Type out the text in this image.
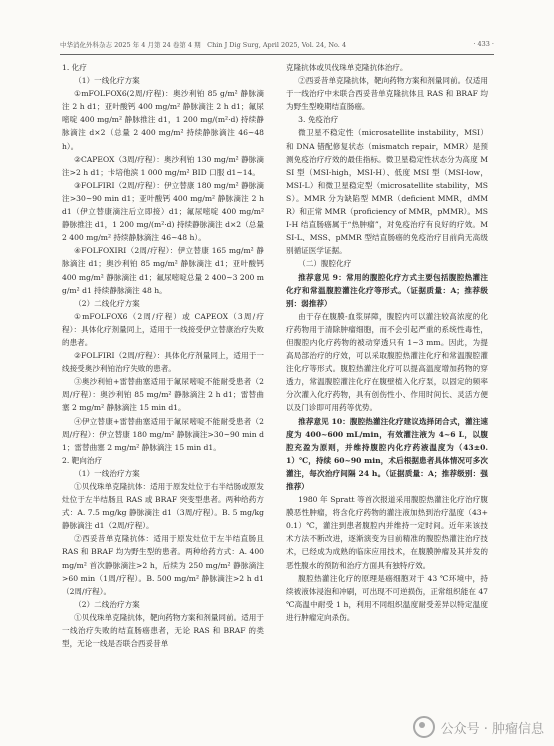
中华消化外科杂志 2025 年 4 月第 24 卷第 4 期　Chin J Dig Surg, April 2025, Vol. 24, No. 4	· 433 ·

1. 化疗

（1）一线化疗方案

①mFOLFOX6(2周/疗程)：奥沙利铂 85 g/m² 静脉滴注 2 h d1；亚叶酸钙 400 mg/m² 静脉滴注 2 h d1；氟尿嘧啶 400 mg/m² 静脉推注 d1，1 200 mg/(m²·d) 持续静脉滴注 d×2（总量 2 400 mg/m² 持续静脉滴注 46~48 h）。

②CAPEOX（3周/疗程）：奥沙利铂 130 mg/m² 静脉滴注>2 h d1；卡培他滨 1 000 mg/m² BID 口服 d1~14。

③FOLFIRI（2周/疗程）：伊立替康 180 mg/m² 静脉滴注>30~90 min d1；亚叶酸钙 400 mg/m² 静脉滴注 2 h d1（伊立替康滴注后立即接）d1；氟尿嘧啶 400 mg/m² 静脉推注 d1，1 200 mg/(m²·d) 持续静脉滴注 d×2（总量 2 400 mg/m² 持续静脉滴注 46~48 h）。

④FOLFOXIRI（2周/疗程）：伊立替康 165 mg/m² 静脉滴注 d1；奥沙利铂 85 mg/m² 静脉滴注 d1；亚叶酸钙 400 mg/m² 静脉滴注 d1；氟尿嘧啶总量 2 400~3 200 mg/m² d1 持续静脉滴注 48 h。

（2）二线化疗方案

①mFOLFOX6（2周/疗程）或 CAPEOX（3周/疗程）：具体化疗剂量同上，适用于一线接受伊立替康治疗失败的患者。

②FOLFIRI（2周/疗程）：具体化疗剂量同上，适用于一线接受奥沙利铂治疗失败的患者。

③奥沙利铂+雷替曲塞适用于氟尿嘧啶不能耐受患者（2周/疗程）：奥沙利铂 85 mg/m² 静脉滴注 2 h d1；雷替曲塞 2 mg/m² 静脉滴注 15 min d1。

④伊立替康+雷替曲塞适用于氟尿嘧啶不能耐受患者（2周/疗程）：伊立替康 180 mg/m² 静脉滴注>30~90 min d1；雷替曲塞 2 mg/m² 静脉滴注 15 min d1。

2. 靶向治疗

（1）一线治疗方案

①贝伐珠单克隆抗体：适用于原发灶位于右半结肠或原发灶位于左半结肠且 RAS 或 BRAF 突变型患者。两种给药方式：A. 7.5 mg/kg 静脉滴注 d1（3周/疗程）。B. 5 mg/kg 静脉滴注 d1（2周/疗程）。

②西妥昔单克隆抗体：适用于原发灶位于左半结直肠且 RAS 和 BRAF 均为野生型的患者。两种给药方式：A. 400 mg/m² 首次静脉滴注>2 h，后续为 250 mg/m² 静脉滴注>60 min（1周/疗程）。B. 500 mg/m² 静脉滴注>2 h d1（2周/疗程）。

（2）二线治疗方案

①贝伐珠单克隆抗体，靶向药物方案和剂量同前。适用于一线治疗失败的结直肠癌患者，无论 RAS 和 BRAF 的类型，无论一线是否联合西妥昔单

克隆抗体或贝伐珠单克隆抗体治疗。

②西妥昔单克隆抗体，靶向药物方案和剂量同前。仅适用于一线治疗中未联合西妥昔单克隆抗体且 RAS 和 BRAF 均为野生型晚期结直肠癌。

3. 免疫治疗

微卫星不稳定性（microsatellite instability，MSI）和 DNA 错配修复状态（mismatch repair，MMR）是预测免疫治疗疗效的最佳指标。微卫星稳定性状态分为高度 MSI 型（MSI-high，MSI-H）、低度 MSI 型（MSI-low，MSI-L）和微卫星稳定型（microsatellite stability，MSS）。MMR 分为缺陷型 MMR（deficient MMR，dMMR）和正常 MMR（proficiency of MMR，pMMR）。MSI-H 结直肠癌属于“热肿瘤”，对免疫治疗有良好的疗效。MSI-L、MSS、pMMR 型结直肠癌的免疫治疗目前尚无高级别循证医学证据。

（二）腹腔化疗

推荐意见 9：常用的腹腔化疗方式主要包括腹腔热灌注化疗和常温腹腔灌注化疗等形式。（证据质量：A；推荐级别：弱推荐）

由于存在腹膜-血浆屏障，腹腔内可以灌注较高浓度的化疗药物用于清除肿瘤细胞，而不会引起严重的系统性毒性，但腹腔内化疗药物的被动穿透只有 1~3 mm。因此，为提高局部治疗的疗效，可以采取腹腔热灌注化疗和常温腹腔灌注化疗等形式。腹腔热灌注化疗可以提高温度增加药物的穿透力，常温腹腔灌注化疗在腹壁植入化疗泵，以固定的频率分次灌入化疗药物，具有创伤性小、作用时间长、灵活方便以及门诊即可用药等优势。

推荐意见 10：腹腔热灌注化疗建议选择闭合式，灌注速度为 400~600 mL/min，有效灌注液为 4~6 L，以腹腔充盈为原则，并维持腹腔内化疗药液温度为（43±0.1）℃，持续 60~90 min，术后根据患者具体情况可多次灌注，每次治疗间隔 24 h。（证据质量：A；推荐级别：强推荐）

1980 年 Spratt 等首次报道采用腹腔热灌注化疗治疗腹膜恶性肿瘤，将含化疗药物的灌注液加热到治疗温度（43+0.1）℃，灌注到患者腹腔内并维持一定时间。近年来该技术方法不断改进，逐渐演变为目前精准的腹腔热灌注治疗技术，已经成为成熟的临床应用技术，在腹膜肿瘤及其并发的恶性腹水的预防和治疗方面具有独特疗效。

腹腔热灌注化疗的原理是癌细胞对于 43 ℃环境中，持续被液体浸泡和冲刷，可出现不可逆损伤，正常组织能在 47 ℃高温中耐受 1 h，利用不同组织温度耐受差异以特定温度进行肿瘤定向杀伤。

公众号 · 肿瘤信息
